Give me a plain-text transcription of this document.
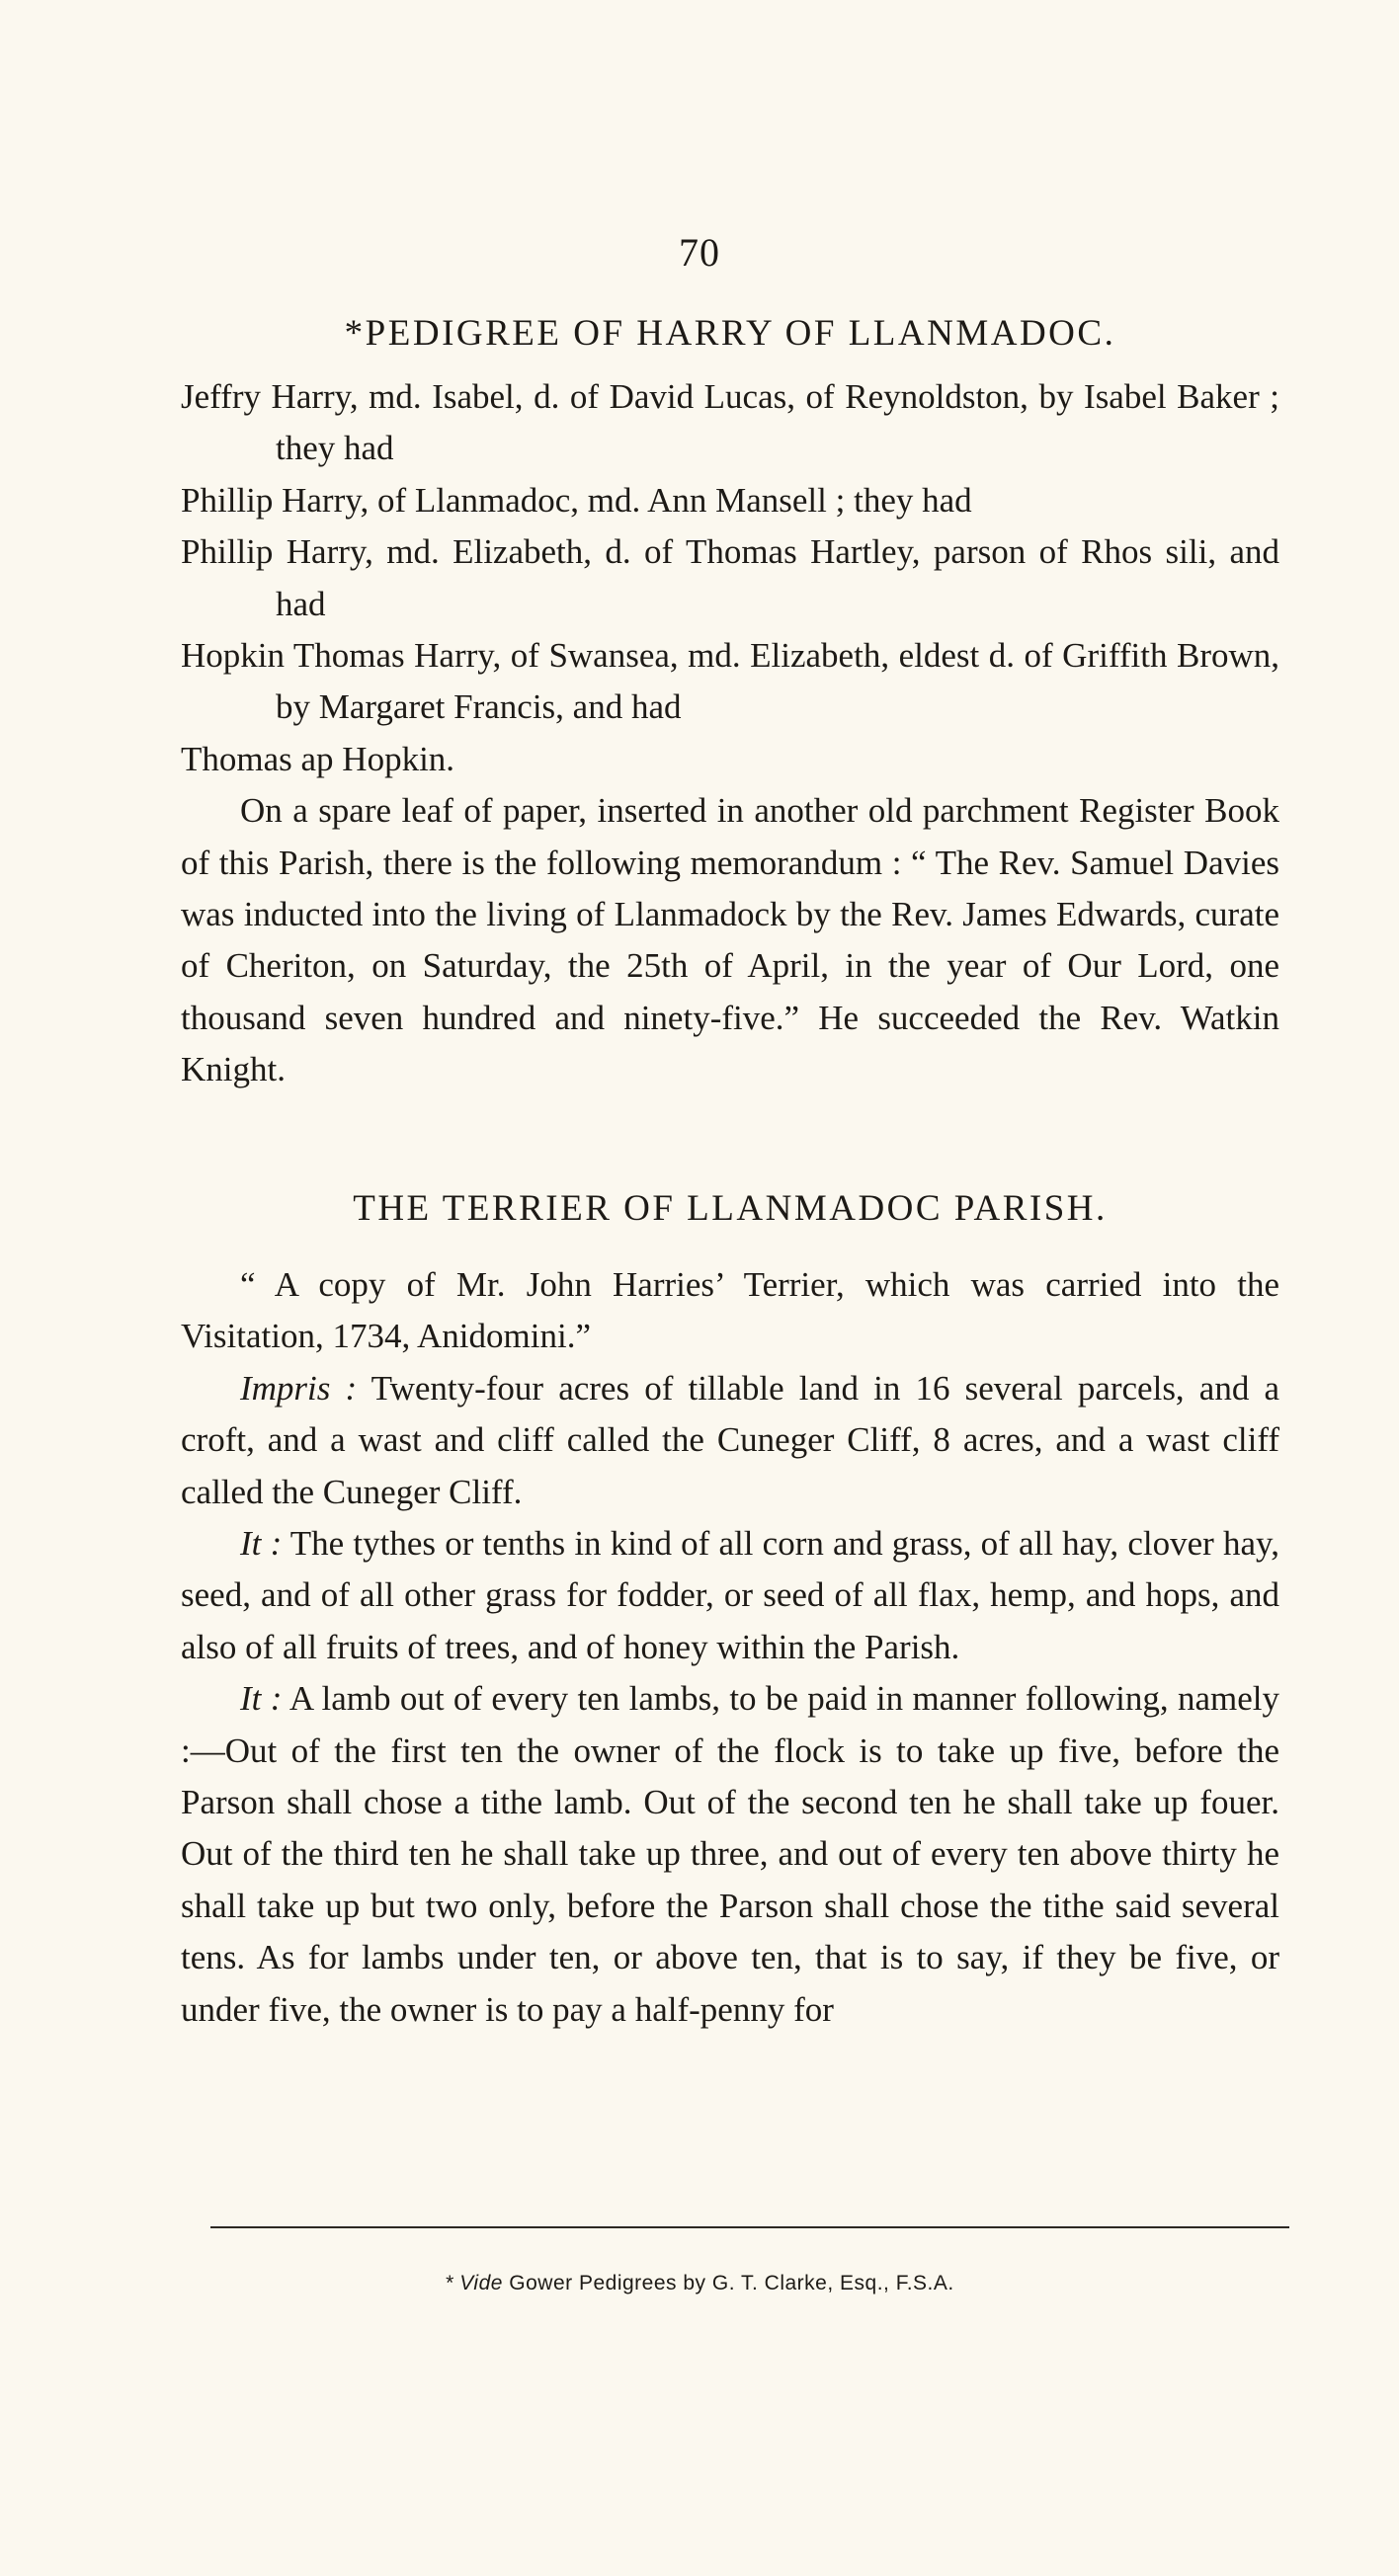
70
*PEDIGREE OF HARRY OF LLANMADOC.

Jeffry Harry, md. Isabel, d. of David Lucas, of Reynoldston, by Isabel Baker ; they had

Phillip Harry, of Llanmadoc, md. Ann Mansell ; they had

Phillip Harry, md. Elizabeth, d. of Thomas Hartley, parson of Rhos sili, and had

Hopkin Thomas Harry, of Swansea, md. Elizabeth, eldest d. of Griffith Brown, by Margaret Francis, and had

Thomas ap Hopkin.

On a spare leaf of paper, inserted in another old parchment Register Book of this Parish, there is the following memorandum : “ The Rev. Samuel Davies was inducted into the living of Llanmadock by the Rev. James Edwards, curate of Cheriton, on Saturday, the 25th of April, in the year of Our Lord, one thousand seven hundred and ninety-five.” He succeeded the Rev. Watkin Knight.

THE TERRIER OF LLANMADOC PARISH.

“ A copy of Mr. John Harries’ Terrier, which was carried into the Visitation, 1734, Anidomini.”

Impris : Twenty-four acres of tillable land in 16 several parcels, and a croft, and a wast and cliff called the Cuneger Cliff, 8 acres, and a wast cliff called the Cuneger Cliff.

It : The tythes or tenths in kind of all corn and grass, of all hay, clover hay, seed, and of all other grass for fodder, or seed of all flax, hemp, and hops, and also of all fruits of trees, and of honey within the Parish.

It : A lamb out of every ten lambs, to be paid in manner following, namely :—Out of the first ten the owner of the flock is to take up five, before the Parson shall chose a tithe lamb. Out of the second ten he shall take up fouer. Out of the third ten he shall take up three, and out of every ten above thirty he shall take up but two only, before the Parson shall chose the tithe said several tens. As for lambs under ten, or above ten, that is to say, if they be five, or under five, the owner is to pay a half-penny for

* Vide Gower Pedigrees by G. T. Clarke, Esq., F.S.A.
